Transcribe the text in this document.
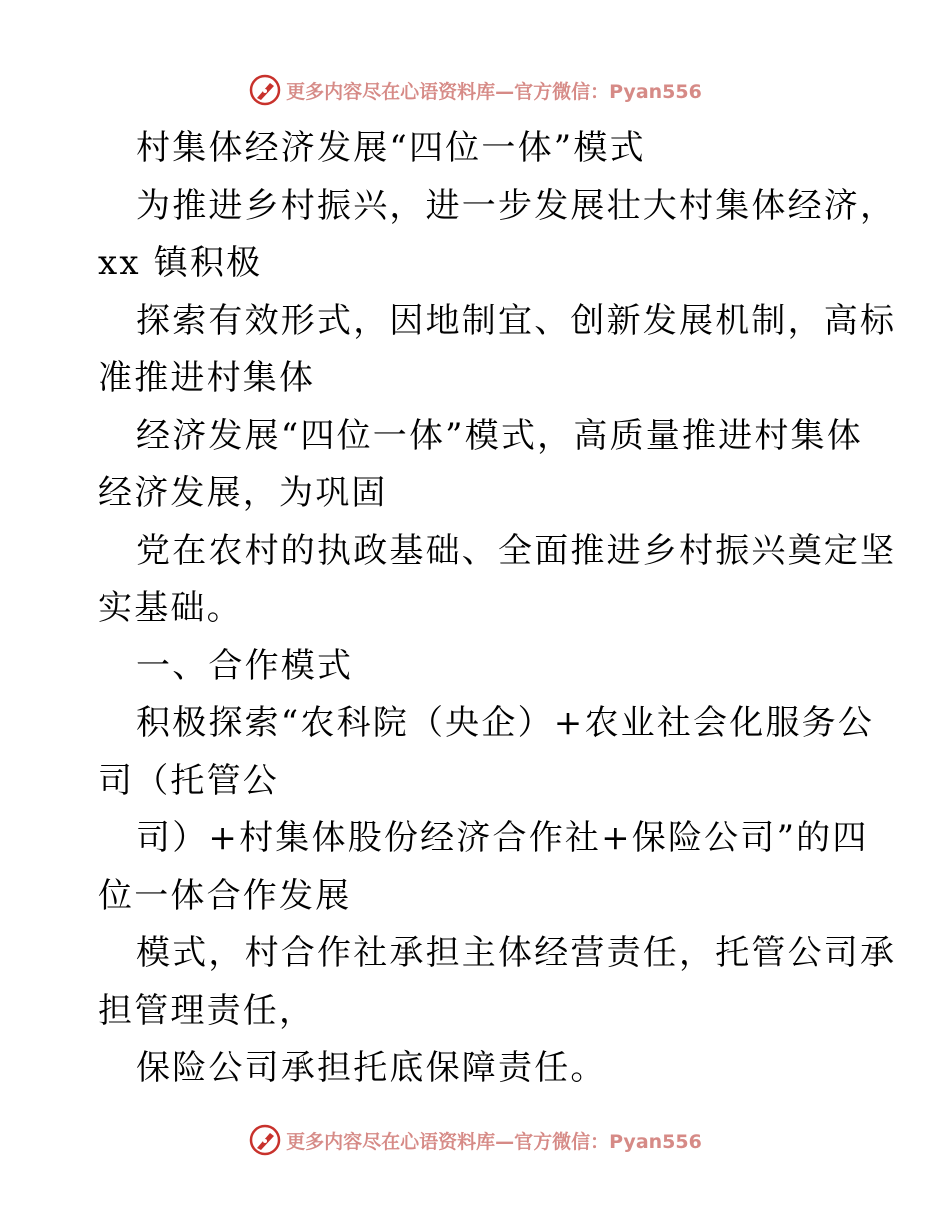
更多内容尽在心语资料库—官方微信：Pyan556
村集体经济发展“四位一体”模式
为推进乡村振兴，进一步发展壮大村集体经济，
xx 镇积极
探索有效形式，因地制宜、创新发展机制，高标
准推进村集体
经济发展“四位一体”模式，高质量推进村集体
经济发展，为巩固
党在农村的执政基础、全面推进乡村振兴奠定坚
实基础。
一、合作模式
积极探索“农科院（央企）+农业社会化服务公
司（托管公
司）+村集体股份经济合作社+保险公司”的四
位一体合作发展
模式，村合作社承担主体经营责任，托管公司承
担管理责任，
保险公司承担托底保障责任。
更多内容尽在心语资料库—官方微信：Pyan556
